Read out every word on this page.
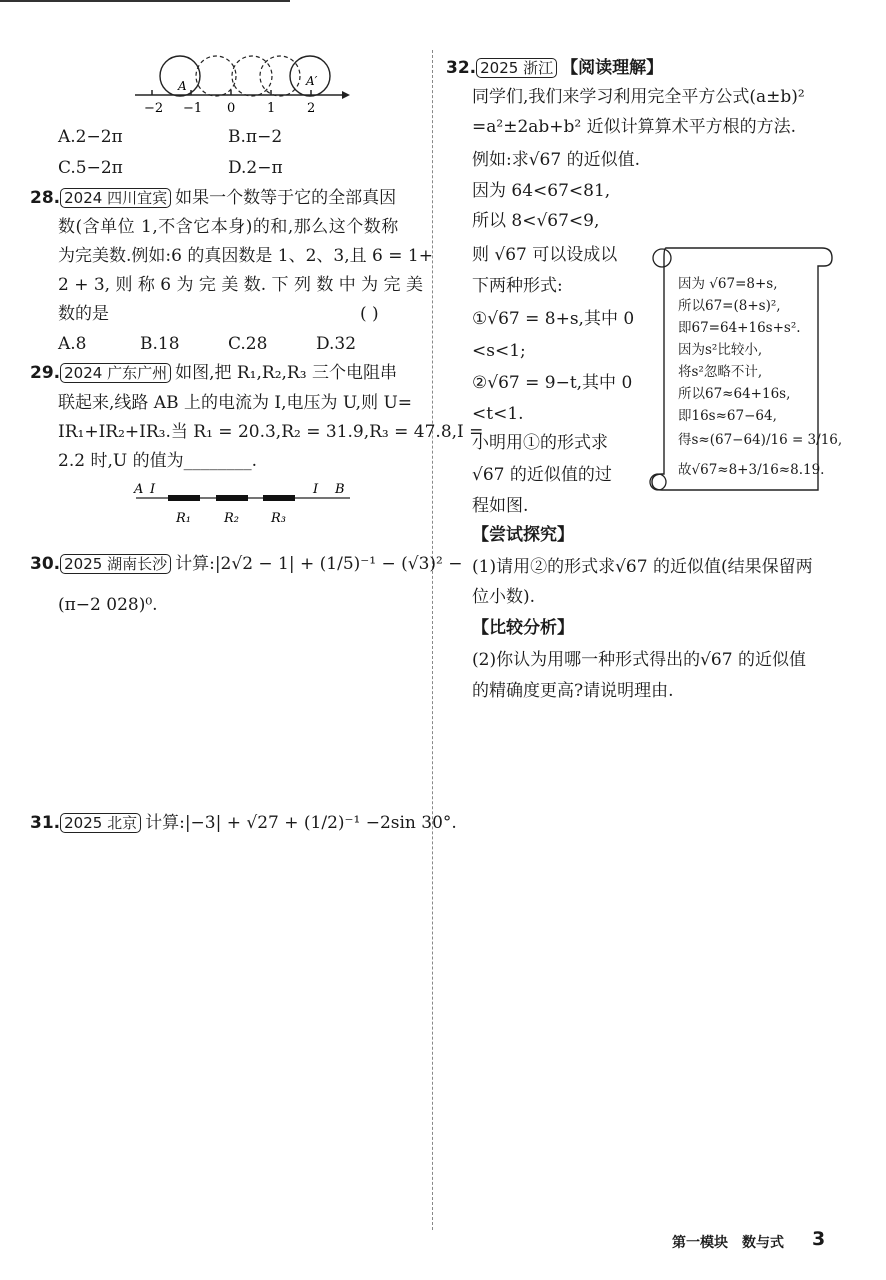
A	A′
−2 −1 0 1 2
A.2−2π	B.π−2
C.5−2π	D.2−π
28. 2024 四川宜宾 如果一个数等于它的全部真因
数(含单位 1,不含它本身)的和,那么这个数称
为完美数.例如:6 的真因数是 1、2、3,且 6 = 1+
2 + 3, 则 称 6 为 完 美 数. 下 列 数 中 为 完 美
数的是	( )
A.8	B.18	C.28	D.32
29. 2024 广东广州 如图,把 R₁,R₂,R₃ 三个电阻串
联起来,线路 AB 上的电流为 I,电压为 U,则 U=
IR₁+IR₂+IR₃.当 R₁ = 20.3,R₂ = 31.9,R₃ = 47.8,I =
2.2 时,U 的值为________.
A I	I B
R₁	R₂ R₃
30. 2025 湖南长沙 计算:|2√2 − 1| + (1/5)⁻¹ − (√3)² −
(π−2 028)⁰.
31. 2025 北京 计算:|−3| + √27 + (1/2)⁻¹ −2sin 30°.
32. 2025 浙江 【阅读理解】
同学们,我们来学习利用完全平方公式(a±b)²
=a²±2ab+b² 近似计算算术平方根的方法.
例如:求√67 的近似值.
因为 64<67<81,
所以 8<√67<9,
则 √67 可以设成以
下两种形式:
①√67 = 8+s,其中 0
<s<1;
②√67 = 9−t,其中 0
<t<1.
小明用①的形式求
√67 的近似值的过
程如图.
因为 √67=8+s,
所以67=(8+s)²,
即67=64+16s+s².
因为s²比较小,
将s²忽略不计,
所以67≈64+16s,
即16s≈67−64,
得s≈(67−64)/16 = 3/16,
故√67≈8+3/16≈8.19.
【尝试探究】
(1)请用②的形式求√67 的近似值(结果保留两
位小数).
【比较分析】
(2)你认为用哪一种形式得出的√67 的近似值
的精确度更高?请说明理由.
第一模块 数与式 3
